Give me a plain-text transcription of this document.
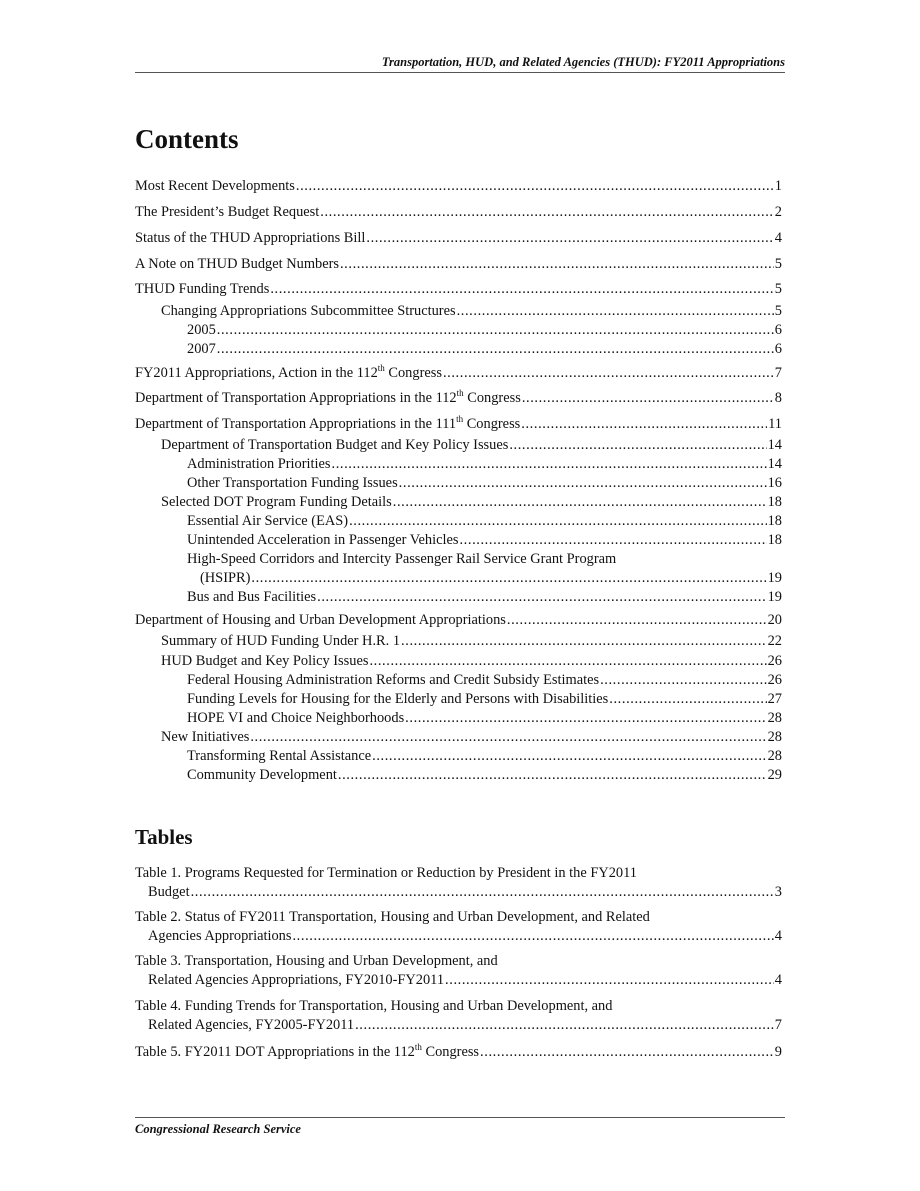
Transportation, HUD, and Related Agencies (THUD): FY2011 Appropriations
Contents
Most Recent Developments .....	1
The President’s Budget Request .....	2
Status of the THUD Appropriations Bill .....	4
A Note on THUD Budget Numbers .....	5
THUD Funding Trends .....	5
Changing Appropriations Subcommittee Structures .....	5
2005 .....	6
2007 .....	6
FY2011 Appropriations, Action in the 112th Congress .....	7
Department of Transportation Appropriations in the 112th Congress .....	8
Department of Transportation Appropriations in the 111th Congress .....	11
Department of Transportation Budget and Key Policy Issues .....	14
Administration Priorities .....	14
Other Transportation Funding Issues .....	16
Selected DOT Program Funding Details .....	18
Essential Air Service (EAS) .....	18
Unintended Acceleration in Passenger Vehicles .....	18
High-Speed Corridors and Intercity Passenger Rail Service Grant Program
(HSIPR) .....	19
Bus and Bus Facilities .....	19
Department of Housing and Urban Development Appropriations .....	20
Summary of HUD Funding Under H.R. 1 .....	22
HUD Budget and Key Policy Issues .....	26
Federal Housing Administration Reforms and Credit Subsidy Estimates .....	26
Funding Levels for Housing for the Elderly and Persons with Disabilities .....	27
HOPE VI and Choice Neighborhoods .....	28
New Initiatives .....	28
Transforming Rental Assistance .....	28
Community Development .....	29
Tables
Table 1. Programs Requested for Termination or Reduction by President in the FY2011
Budget .....	3
Table 2. Status of FY2011 Transportation, Housing and Urban Development, and Related
Agencies Appropriations .....	4
Table 3. Transportation, Housing and Urban Development, and
Related Agencies Appropriations, FY2010-FY2011 .....	4
Table 4. Funding Trends for Transportation, Housing and Urban Development, and
Related Agencies, FY2005-FY2011 .....	7
Table 5. FY2011 DOT Appropriations in the 112th Congress .....	9
Congressional Research Service
